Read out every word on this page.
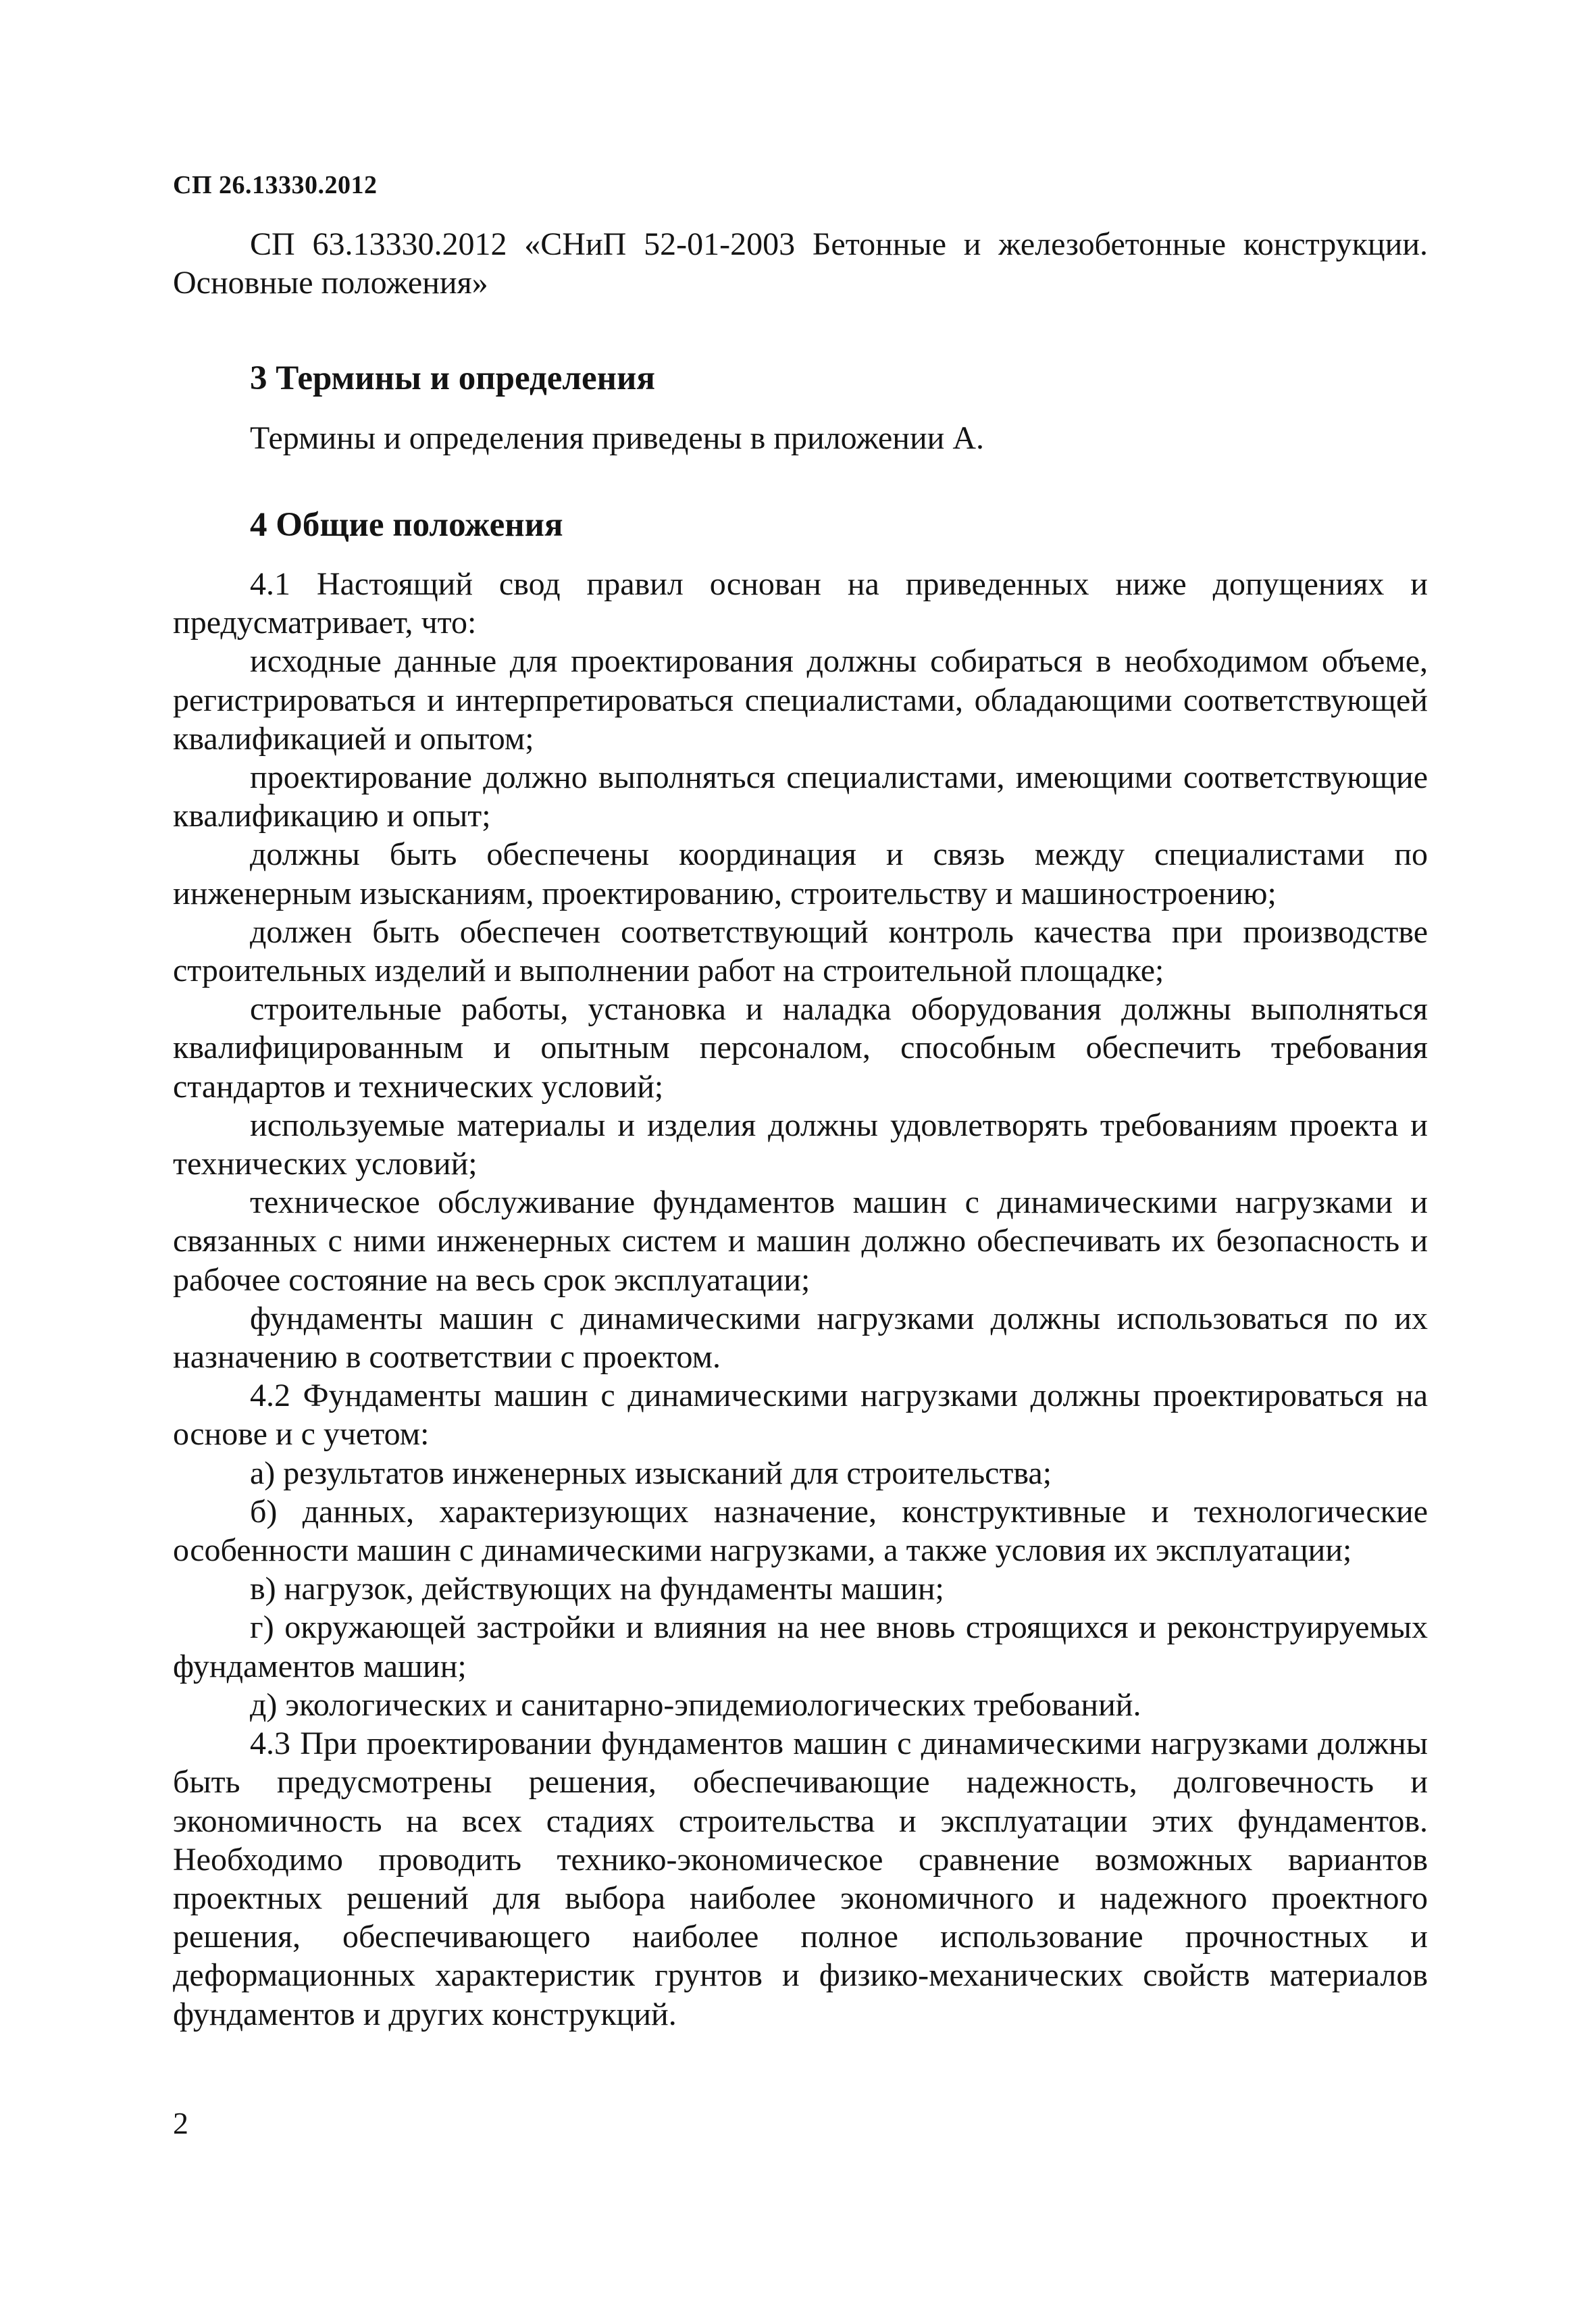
СП 26.13330.2012

СП 63.13330.2012 «СНиП 52-01-2003 Бетонные и железобетонные конструкции. Основные положения»

3 Термины и определения

Термины и определения приведены в приложении А.

4 Общие положения

4.1 Настоящий свод правил основан на приведенных ниже допущениях и предусматривает, что:

исходные данные для проектирования должны собираться в необходимом объеме, регистрироваться и интерпретироваться специалистами, обладающими соответствующей квалификацией и опытом;

проектирование должно выполняться специалистами, имеющими соответствующие квалификацию и опыт;

должны быть обеспечены координация и связь между специалистами по инженерным изысканиям, проектированию, строительству и машиностроению;

должен быть обеспечен соответствующий контроль качества при производстве строительных изделий и выполнении работ на строительной площадке;

строительные работы, установка и наладка оборудования должны выполняться квалифицированным и опытным персоналом, способным обеспечить требования стандартов и технических условий;

используемые материалы и изделия должны удовлетворять требованиям проекта и технических условий;

техническое обслуживание фундаментов машин с динамическими нагрузками и связанных с ними инженерных систем и машин должно обеспечивать их безопасность и рабочее состояние на весь срок эксплуатации;

фундаменты машин с динамическими нагрузками должны использоваться по их назначению в соответствии с проектом.

4.2 Фундаменты машин с динамическими нагрузками должны проектироваться на основе и с учетом:

а) результатов инженерных изысканий для строительства;

б) данных, характеризующих назначение, конструктивные и технологические особенности машин с динамическими нагрузками, а также условия их эксплуатации;

в) нагрузок, действующих на фундаменты машин;

г) окружающей застройки и влияния на нее вновь строящихся и реконструируемых фундаментов машин;

д) экологических и санитарно-эпидемиологических требований.

4.3 При проектировании фундаментов машин с динамическими нагрузками должны быть предусмотрены решения, обеспечивающие надежность, долговечность и экономичность на всех стадиях строительства и эксплуатации этих фундаментов. Необходимо проводить технико-экономическое сравнение возможных вариантов проектных решений для выбора наиболее экономичного и надежного проектного решения, обеспечивающего наиболее полное использование прочностных и деформационных характеристик грунтов и физико-механических свойств материалов фундаментов и других конструкций.

2
